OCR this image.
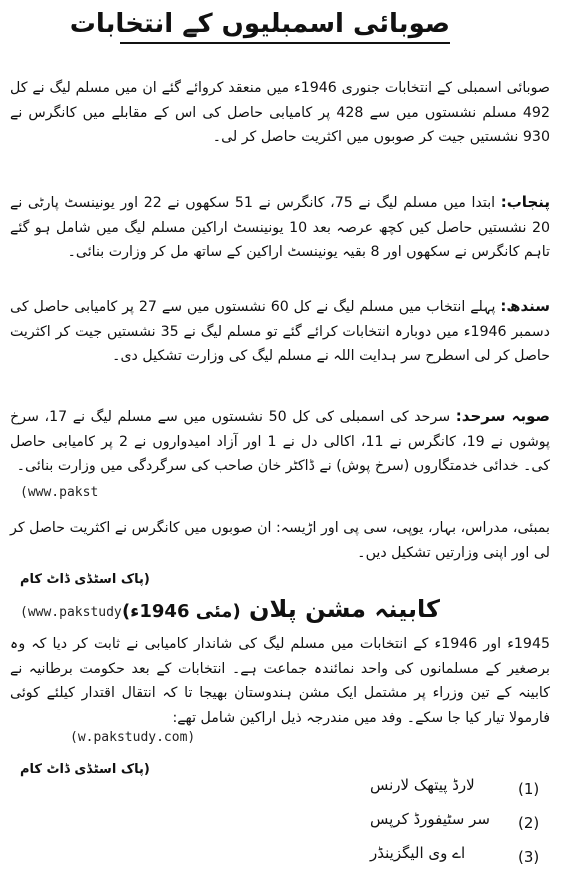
صوبائی اسمبلیوں کے انتخابات
صوبائی اسمبلی کے انتخابات جنوری 1946ء میں منعقد کروائے گئے ان میں مسلم لیگ نے کل 492 مسلم نشستوں میں سے 428 پر کامیابی حاصل کی اس کے مقابلے میں کانگرس نے 930 نشستیں جیت کر صوبوں میں اکثریت حاصل کر لی۔
پنجاب: ابتدا میں مسلم لیگ نے 75، کانگرس نے 51 سکھوں نے 22 اور یونینسٹ پارٹی نے 20 نشستیں حاصل کیں کچھ عرصہ بعد 10 یونینسٹ اراکین مسلم لیگ میں شامل ہو گئے تاہم کانگرس نے سکھوں اور 8 بقیہ یونینسٹ اراکین کے ساتھ مل کر وزارت بنائی۔
سندھ: پہلے انتخاب میں مسلم لیگ نے کل 60 نشستوں میں سے 27 پر کامیابی حاصل کی دسمبر 1946ء میں دوبارہ انتخابات کرائے گئے تو مسلم لیگ نے 35 نشستیں جیت کر اکثریت حاصل کر لی اسطرح سر ہدایت اللہ نے مسلم لیگ کی وزارت تشکیل دی۔
صوبہ سرحد: سرحد کی اسمبلی کی کل 50 نشستوں میں سے مسلم لیگ نے 17، سرخ پوشوں نے 19، کانگرس نے 11، اکالی دل نے 1 اور آزاد امیدواروں نے 2 پر کامیابی حاصل کی۔ خدائی خدمتگاروں (سرخ پوش) نے ڈاکٹر خان صاحب کی سرگردگی میں وزارت بنائی۔
بمبئی، مدراس، بہار، یوپی، سی پی اور اڑیسہ: ان صوبوں میں کانگرس نے اکثریت حاصل کر لی اور اپنی وزارتیں تشکیل دیں۔
(www.pakst
(پاک اسٹڈی ڈاٹ کام
کابینہ مشن پلان (مئی 1946ء)
(www.pakstudy
1945ء اور 1946ء کے انتخابات میں مسلم لیگ کی شاندار کامیابی نے ثابت کر دیا کہ وہ برصغیر کے مسلمانوں کی واحد نمائندہ جماعت ہے۔ انتخابات کے بعد حکومت برطانیہ نے کابینہ کے تین وزراء پر مشتمل ایک مشن ہندوستان بھیجا تا کہ انتقال اقتدار کیلئے کوئی فارمولا تیار کیا جا سکے۔ وفد میں مندرجہ ذیل اراکین شامل تھے:
(w.pakstudy.com)
(پاک اسٹڈی ڈاٹ کام
لارڈ پیتھک لارنس	(1)
سر سٹیفورڈ کرپس (2)
اے وی الیگزینڈر	(3)
